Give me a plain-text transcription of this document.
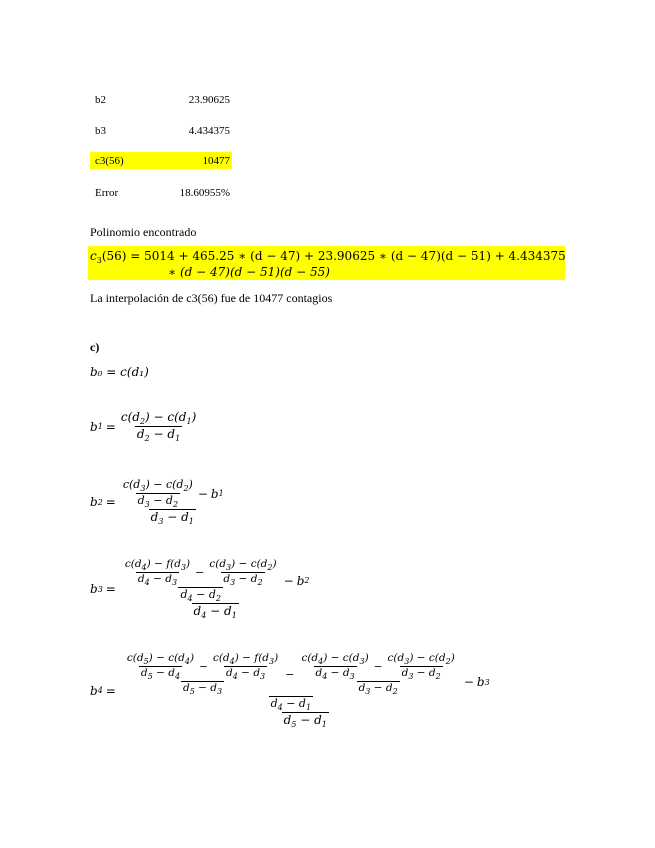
b2	23.90625
b3	4.434375
c3(56)	10477
Error	18.60955%
Polinomio encontrado
$c_3(56) = 5014 + 465.25$ ∗ (d − 47) + 23.90625 ∗ (d − 47)(d − 51) + 4.434375
∗ (d − 47)(d − 51)(d − 55)
La interpolación de c3(56) fue de 10477 contagios
c)
b₀ = c(d₁)
b $1 = \frac{c(d_2) - c(d_1)}{d_2 - d_1}$
b $2 = \frac{\frac{c(d_3) - c(d_2)}{d_3 - d_2} - b 1}{d_3 - d_1}$
b 3 =
$\frac{c(d_4) - f(d_3)}{d_4 - d_3} - \frac{c(d_3) - c(d_2)}{d_3 - d_2}$
$d_4 - d_2$
− b 2
$d_4 - d_1$
b 4 =
$\frac{c(d_5) - c(d_4)}{d_5 - d_4} - \frac{c(d_4) - f(d_3)}{d_4 - d_3}$
$d_5 - d_3$
− $\frac{c(d_4) - c(d_3)}{d_4 - d_3} - \frac{c(d_3) - c(d_2)}{d_3 - d_2}$
$d_3 - d_2$
$d_4 - d_1$
− b 3
$d_5 - d_1$
